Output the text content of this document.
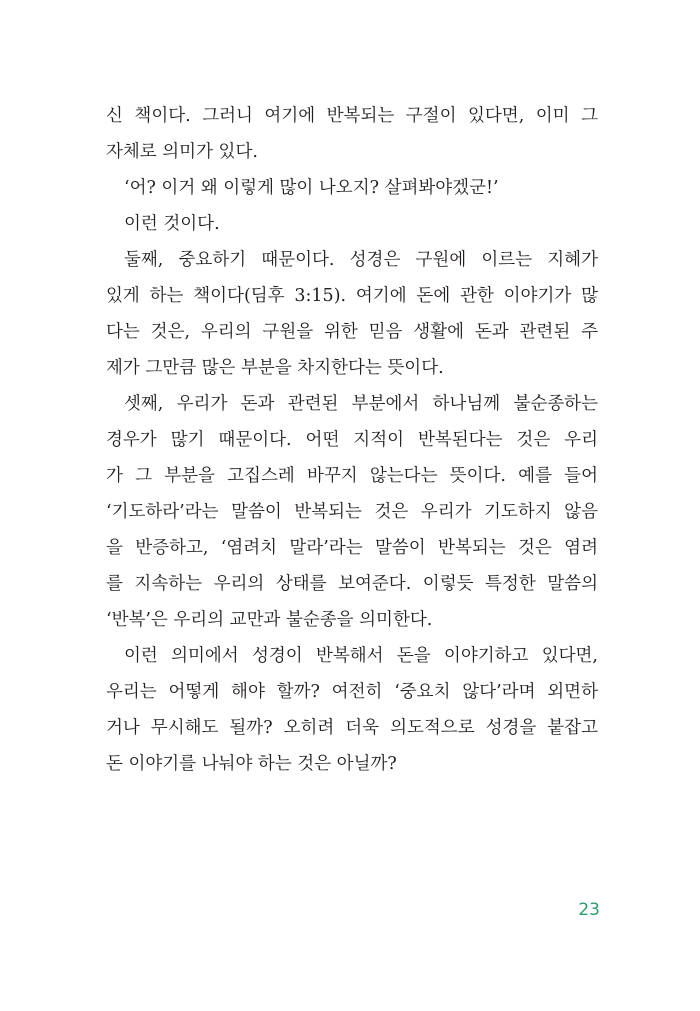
신 책이다. 그러니 여기에 반복되는 구절이 있다면, 이미 그
자체로 의미가 있다.
‘어? 이거 왜 이렇게 많이 나오지? 살펴봐야겠군!’
이런 것이다.
둘째, 중요하기 때문이다. 성경은 구원에 이르는 지혜가
있게 하는 책이다(딤후 3:15). 여기에 돈에 관한 이야기가 많
다는 것은, 우리의 구원을 위한 믿음 생활에 돈과 관련된 주
제가 그만큼 많은 부분을 차지한다는 뜻이다.
셋째, 우리가 돈과 관련된 부분에서 하나님께 불순종하는
경우가 많기 때문이다. 어떤 지적이 반복된다는 것은 우리
가 그 부분을 고집스레 바꾸지 않는다는 뜻이다. 예를 들어
‘기도하라’라는 말씀이 반복되는 것은 우리가 기도하지 않음
을 반증하고, ‘염려치 말라’라는 말씀이 반복되는 것은 염려
를 지속하는 우리의 상태를 보여준다. 이렇듯 특정한 말씀의
‘반복’은 우리의 교만과 불순종을 의미한다.
이런 의미에서 성경이 반복해서 돈을 이야기하고 있다면,
우리는 어떻게 해야 할까? 여전히 ‘중요치 않다’라며 외면하
거나 무시해도 될까? 오히려 더욱 의도적으로 성경을 붙잡고
돈 이야기를 나눠야 하는 것은 아닐까?
23
